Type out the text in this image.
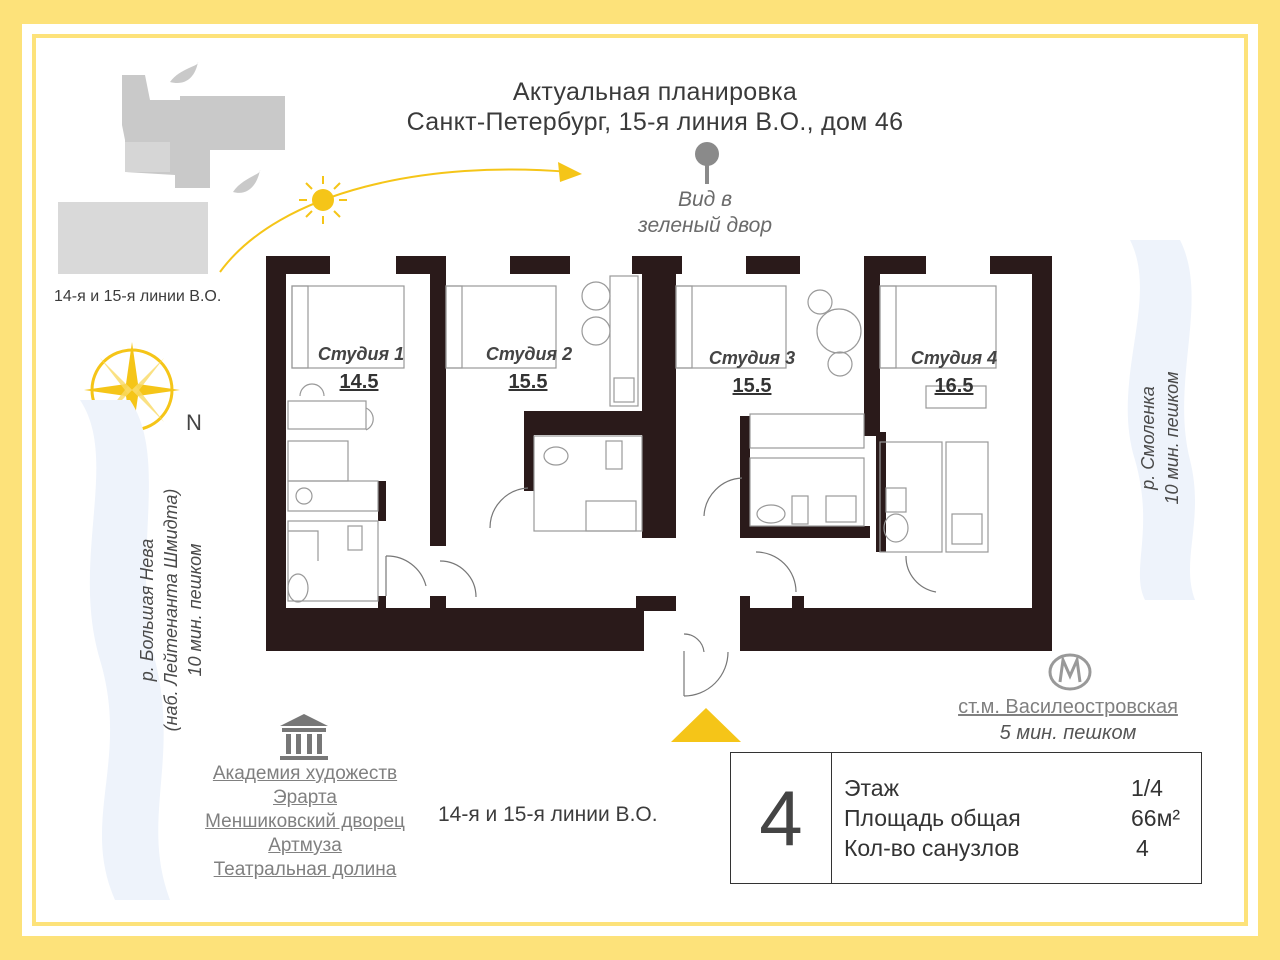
Актуальная планировка
Санкт-Петербург, 15-я линия В.О., дом 46
14-я и 15-я линии В.О.
Вид в
зеленый двор
N
р. Большая Нева (наб. Лейтенанта Шмидта) 10 мин. пешком
р. Смоленка 10 мин. пешком
Студия 1
14.5
Студия 2
15.5
Студия 3
15.5
Студия 4
16.5
Академия художеств
Эрарта
Меншиковский дворец
Артмуза
Театральная долина
14-я и 15-я линии В.О.
ст.м. Василеостровская
5 мин. пешком
4	Этаж	1/4
Площадь общая	66м²
Кол-во санузлов	4
